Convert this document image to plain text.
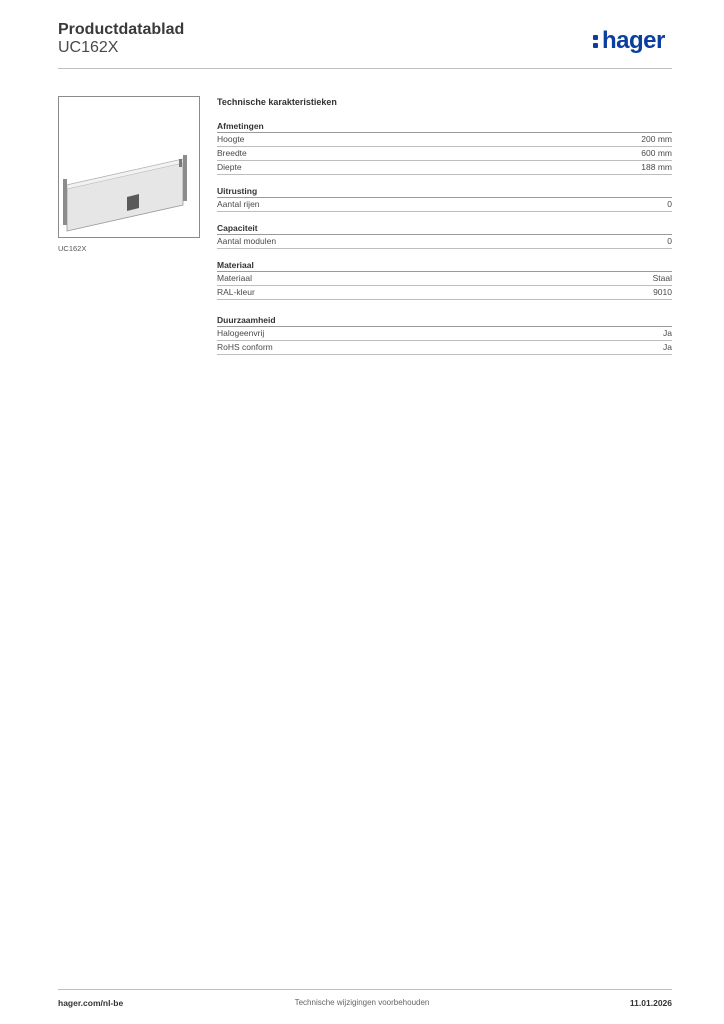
Productdatablad
UC162X	hager
UC162X
Technische karakteristieken
Afmetingen
Hoogte	200 mm
Breedte	600 mm
Diepte	188 mm
Uitrusting
Aantal rijen	0
Capaciteit
Aantal modulen	0
Materiaal
Materiaal	Staal
RAL-kleur	9010
Duurzaamheid
Halogeenvrij	Ja
RoHS conform	Ja
hager.com/nl-be	Technische wijzigingen voorbehouden	11.01.2026
